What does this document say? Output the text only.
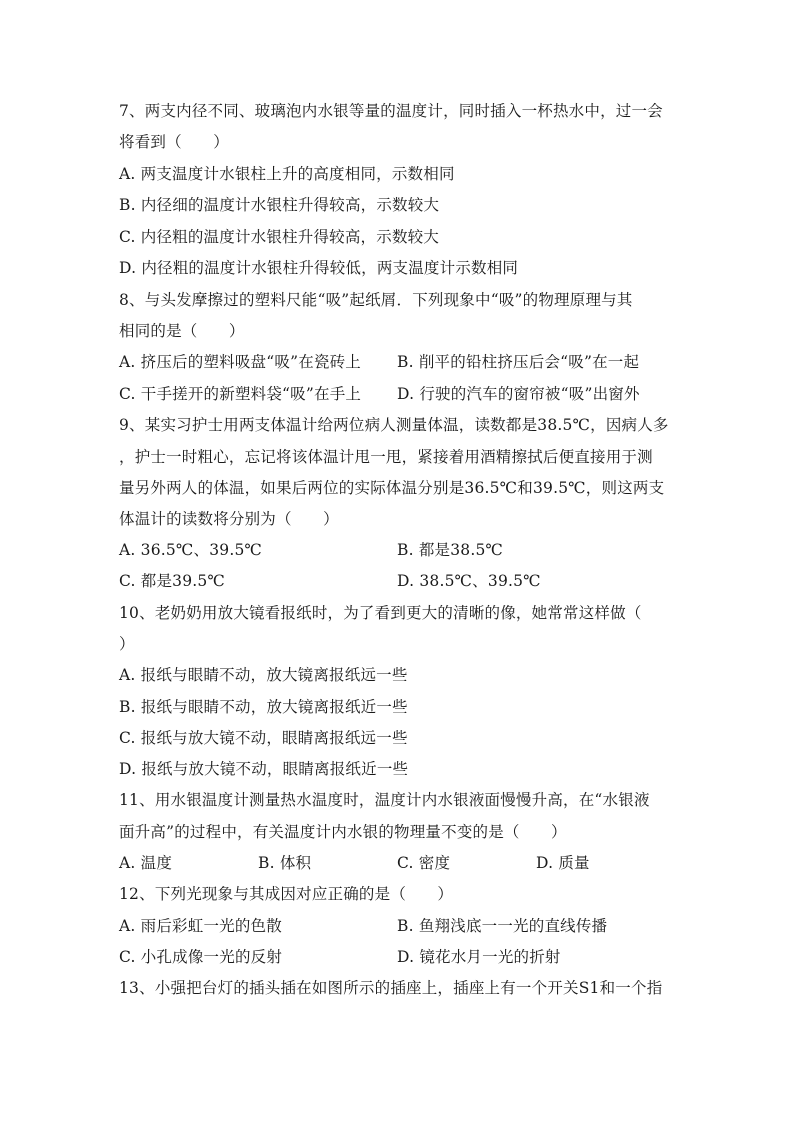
7、两支内径不同、玻璃泡内水银等量的温度计，同时插入一杯热水中，过一会
将看到（　　）
A. 两支温度计水银柱上升的高度相同，示数相同
B. 内径细的温度计水银柱升得较高，示数较大
C. 内径粗的温度计水银柱升得较高，示数较大
D. 内径粗的温度计水银柱升得较低，两支温度计示数相同
8、与头发摩擦过的塑料尺能“吸”起纸屑．下列现象中“吸”的物理原理与其
相同的是（　　）
A. 挤压后的塑料吸盘“吸”在瓷砖上 B. 削平的铅柱挤压后会“吸”在一起
C. 干手搓开的新塑料袋“吸”在手上 D. 行驶的汽车的窗帘被“吸”出窗外
9、某实习护士用两支体温计给两位病人测量体温，读数都是38.5℃，因病人多
，护士一时粗心，忘记将该体温计甩一甩，紧接着用酒精擦拭后便直接用于测
量另外两人的体温，如果后两位的实际体温分别是36.5℃和39.5℃，则这两支
体温计的读数将分别为（　　）
A. 36.5℃、39.5℃	B. 都是38.5℃
C. 都是39.5℃	D. 38.5℃、39.5℃
10、老奶奶用放大镜看报纸时，为了看到更大的清晰的像，她常常这样做（
）
A. 报纸与眼睛不动，放大镜离报纸远一些
B. 报纸与眼睛不动，放大镜离报纸近一些
C. 报纸与放大镜不动，眼睛离报纸远一些
D. 报纸与放大镜不动，眼睛离报纸近一些
11、用水银温度计测量热水温度时，温度计内水银液面慢慢升高，在“水银液
面升高”的过程中，有关温度计内水银的物理量不变的是（　　）
A. 温度	B. 体积	C. 密度	D. 质量
12、下列光现象与其成因对应正确的是（　　）
A. 雨后彩虹一光的色散	B. 鱼翔浅底一一光的直线传播
C. 小孔成像一光的反射	D. 镜花水月一光的折射
13、小强把台灯的插头插在如图所示的插座上，插座上有一个开关S1和一个指
